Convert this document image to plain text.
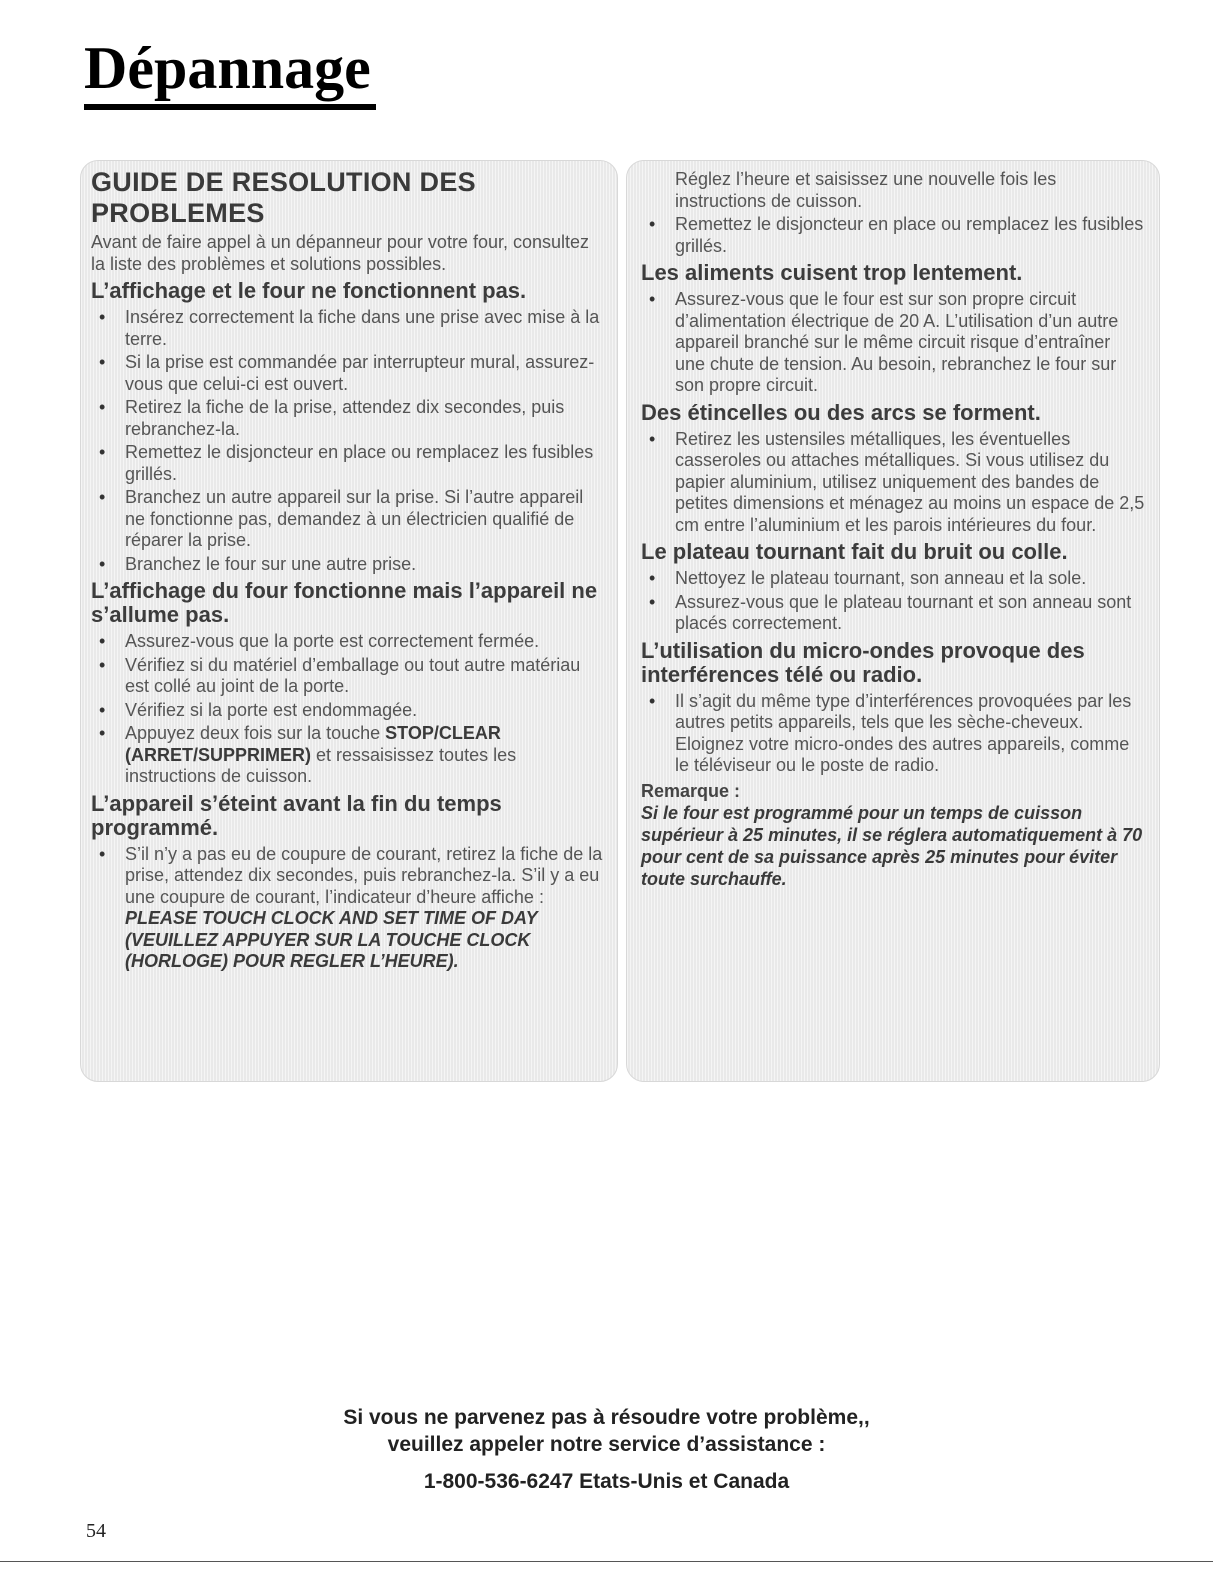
Dépannage
GUIDE DE RESOLUTION DES PROBLEMES

Avant de faire appel à un dépanneur pour votre four, consultez la liste des problèmes et solutions possibles.

L’affichage et le four ne fonctionnent pas.
• Insérez correctement la fiche dans une prise avec mise à la terre.
• Si la prise est commandée par interrupteur mural, assurez-vous que celui-ci est ouvert.
• Retirez la fiche de la prise, attendez dix secondes, puis rebranchez-la.
• Remettez le disjoncteur en place ou remplacez les fusibles grillés.
• Branchez un autre appareil sur la prise. Si l’autre appareil ne fonctionne pas, demandez à un électricien qualifié de réparer la prise.
• Branchez le four sur une autre prise.
L’affichage du four fonctionne mais l’appareil ne s’allume pas.
• Assurez-vous que la porte est correctement fermée.
• Vérifiez si du matériel d’emballage ou tout autre matériau est collé au joint de la porte.
• Vérifiez si la porte est endommagée.
• Appuyez deux fois sur la touche STOP/CLEAR (ARRET/SUPPRIMER) et ressaisissez toutes les instructions de cuisson.
L’appareil s’éteint avant la fin du temps programmé.
• S’il n’y a pas eu de coupure de courant, retirez la fiche de la prise, attendez dix secondes, puis rebranchez-la. S’il y a eu une coupure de courant, l’indicateur d’heure affiche : PLEASE TOUCH CLOCK AND SET TIME OF DAY (VEUILLEZ APPUYER SUR LA TOUCHE CLOCK (HORLOGE) POUR REGLER L’HEURE).
Réglez l’heure et saisissez une nouvelle fois les instructions de cuisson.
• Remettez le disjoncteur en place ou remplacez les fusibles grillés.
Les aliments cuisent trop lentement.
• Assurez-vous que le four est sur son propre circuit d’alimentation électrique de 20 A. L’utilisation d’un autre appareil branché sur le même circuit risque d’entraîner une chute de tension. Au besoin, rebranchez le four sur son propre circuit.
Des étincelles ou des arcs se forment.
• Retirez les ustensiles métalliques, les éventuelles casseroles ou attaches métalliques. Si vous utilisez du papier aluminium, utilisez uniquement des bandes de petites dimensions et ménagez au moins un espace de 2,5 cm entre l’aluminium et les parois intérieures du four.
Le plateau tournant fait du bruit ou colle.
• Nettoyez le plateau tournant, son anneau et la sole.
• Assurez-vous que le plateau tournant et son anneau sont placés correctement.
L’utilisation du micro-ondes provoque des interférences télé ou radio.
• Il s’agit du même type d’interférences provoquées par les autres petits appareils, tels que les sèche-cheveux. Eloignez votre micro-ondes des autres appareils, comme le téléviseur ou le poste de radio.

Remarque :

Si le four est programmé pour un temps de cuisson supérieur à 25 minutes, il se réglera automatiquement à 70 pour cent de sa puissance après 25 minutes pour éviter toute surchauffe.

Si vous ne parvenez pas à résoudre votre problème,,
veuillez appeler notre service d’assistance :
1-800-536-6247 Etats-Unis et Canada
54
